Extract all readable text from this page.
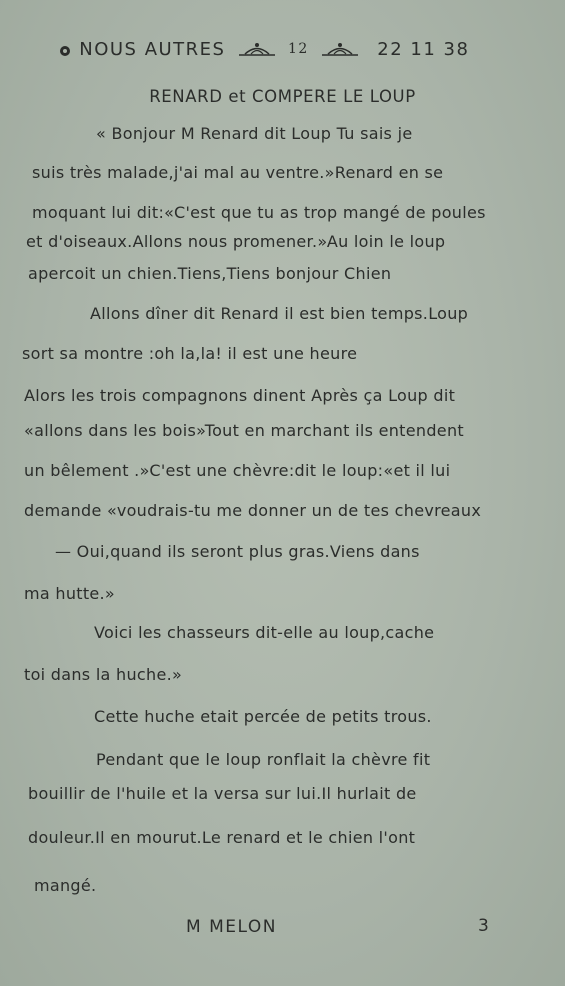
NOUS AUTRES	12	22 11 38
RENARD et COMPERE LE LOUP
« Bonjour M Renard dit Loup Tu sais je
suis très malade,j'ai mal au ventre.»Renard en se
moquant lui dit:«C'est que tu as trop mangé de poules
et d'oiseaux.Allons nous promener.»Au loin le loup
apercoit un chien.Tiens,Tiens bonjour Chien
Allons dîner dit Renard il est bien temps.Loup
sort sa montre :oh la,la! il est une heure
Alors les trois compagnons dinent Après ça Loup dit
«allons dans les bois»Tout en marchant ils entendent
un bêlement .»C'est une chèvre:dit le loup:«et il lui
demande «voudrais-tu me donner un de tes chevreaux
— Oui,quand ils seront plus gras.Viens dans
ma hutte.»
Voici les chasseurs dit-elle au loup,cache
toi dans la huche.»
Cette huche etait percée de petits trous.
Pendant que le loup ronflait la chèvre fit
bouillir de l'huile et la versa sur lui.Il hurlait de
douleur.Il en mourut.Le renard et le chien l'ont
mangé.
M MELON	3
